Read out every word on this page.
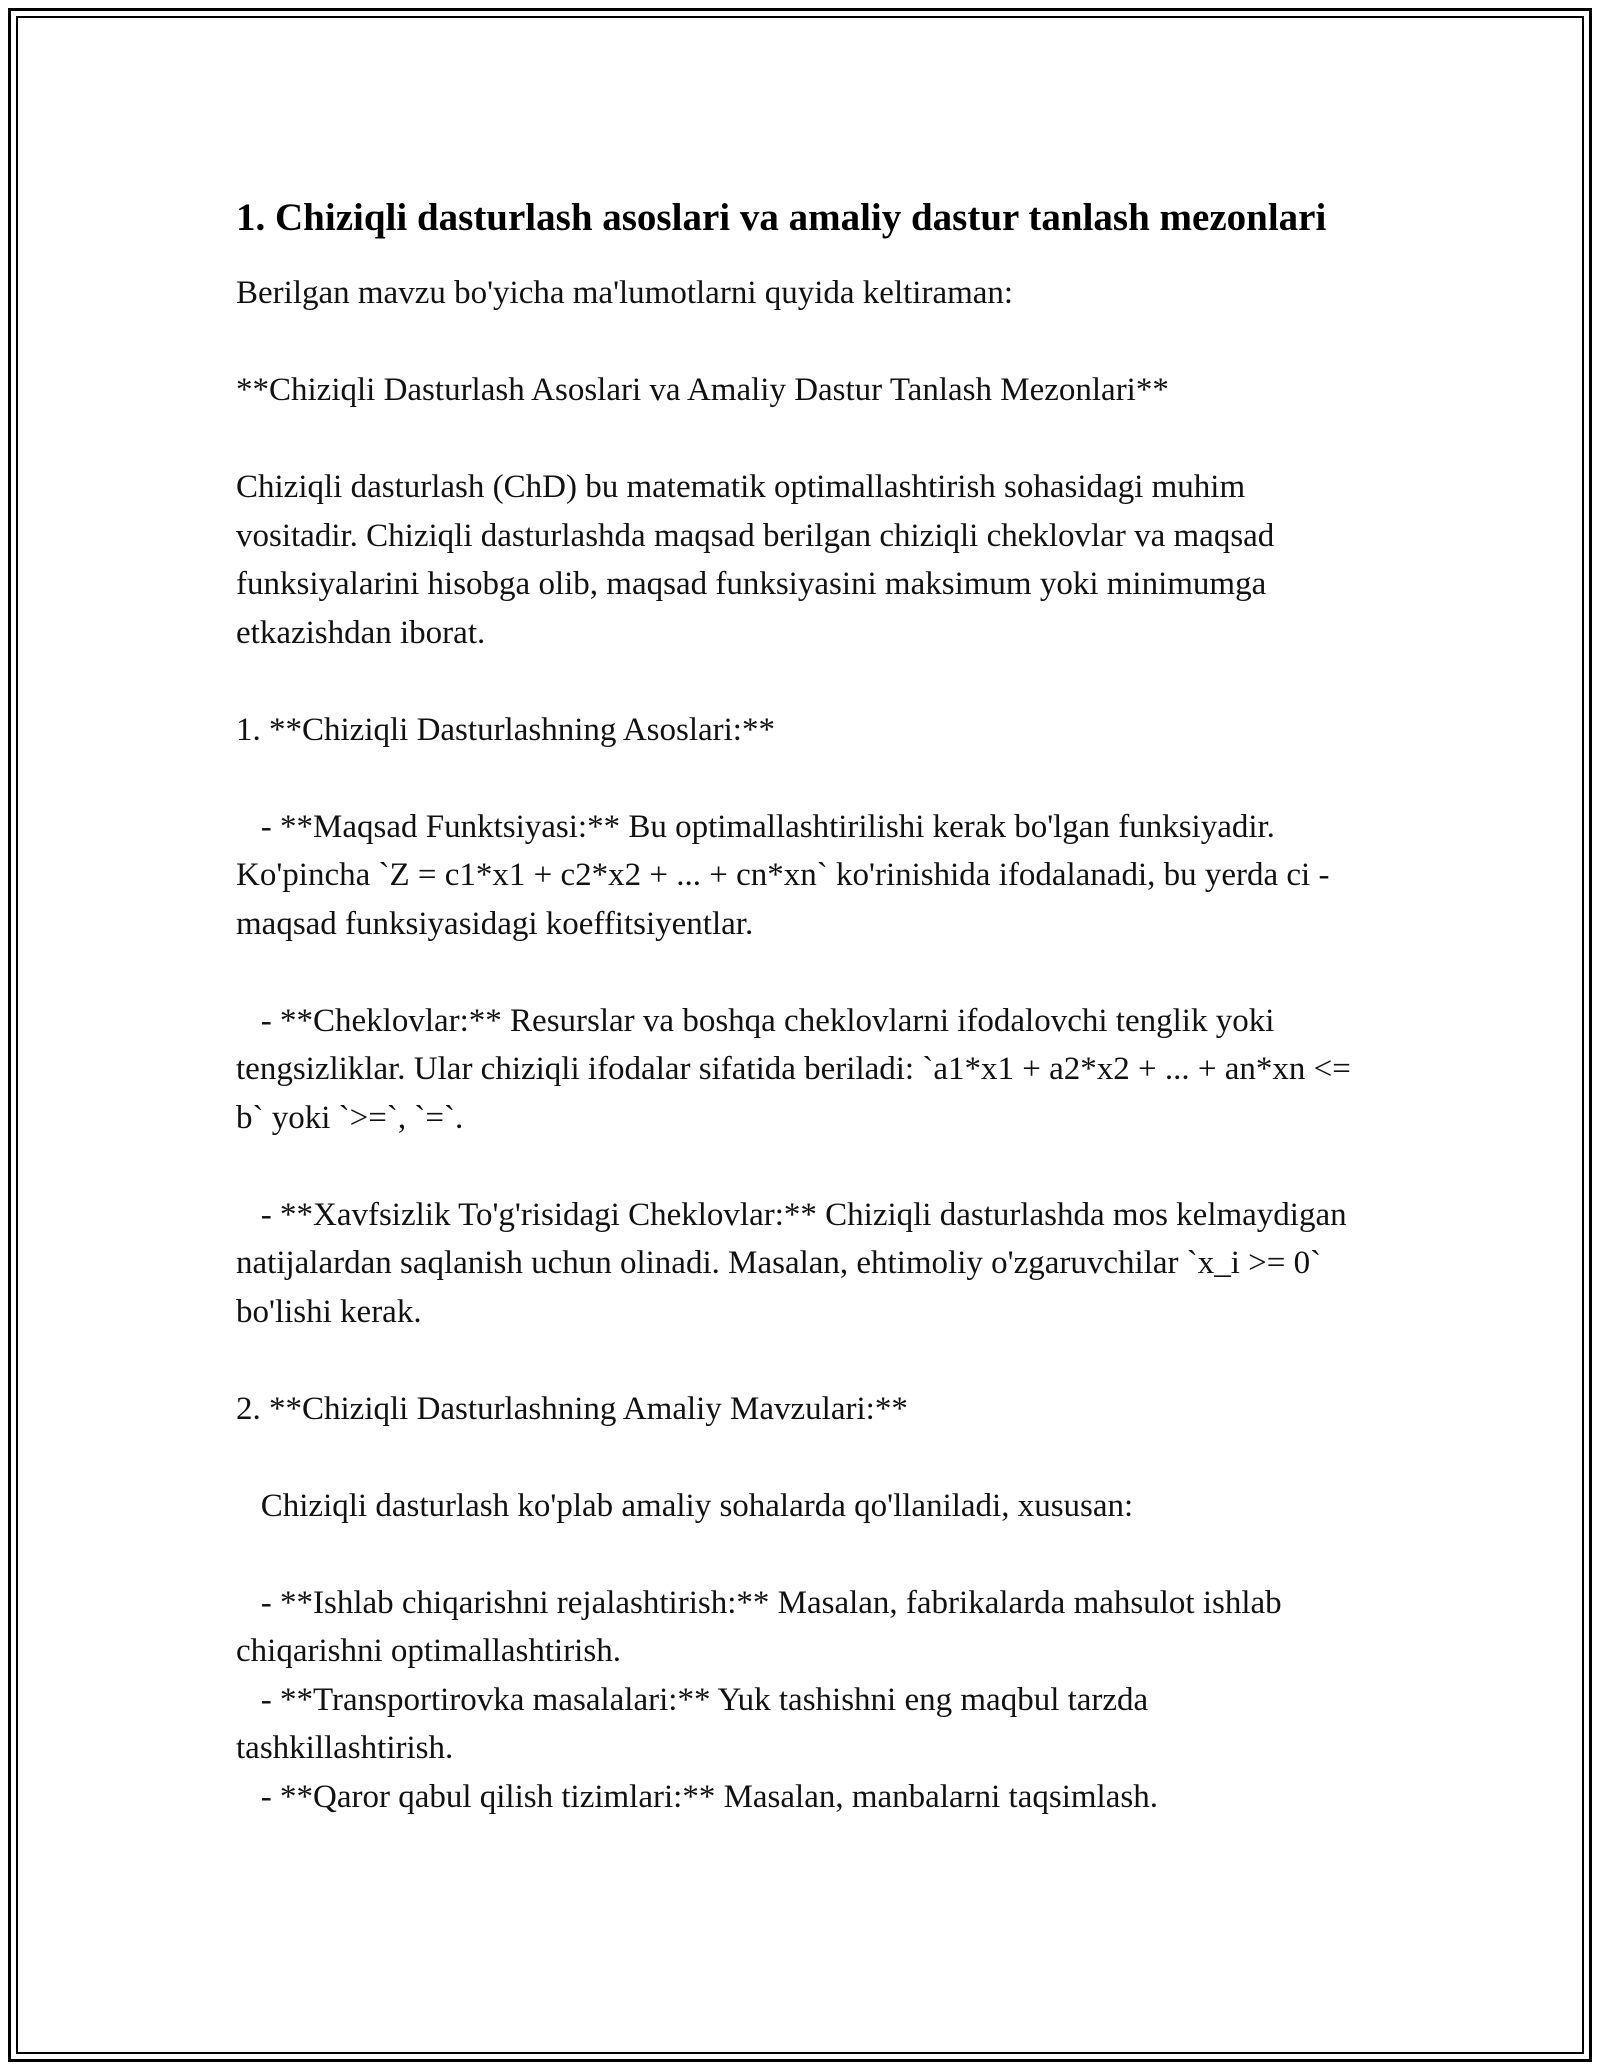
1. Chiziqli dasturlash asoslari va amaliy dastur tanlash mezonlari

Berilgan mavzu bo'yicha ma'lumotlarni quyida keltiraman:

**Chiziqli Dasturlash Asoslari va Amaliy Dastur Tanlash Mezonlari**

Chiziqli dasturlash (ChD) bu matematik optimallashtirish sohasidagi muhim vositadir. Chiziqli dasturlashda maqsad berilgan chiziqli cheklovlar va maqsad funksiyalarini hisobga olib, maqsad funksiyasini maksimum yoki minimumga etkazishdan iborat.

1. **Chiziqli Dasturlashning Asoslari:**

- **Maqsad Funktsiyasi:** Bu optimallashtirilishi kerak bo'lgan funksiyadir. Ko'pincha `Z = c1*x1 + c2*x2 + ... + cn*xn` ko'rinishida ifodalanadi, bu yerda ci - maqsad funksiyasidagi koeffitsiyentlar.

- **Cheklovlar:** Resurslar va boshqa cheklovlarni ifodalovchi tenglik yoki tengsizliklar. Ular chiziqli ifodalar sifatida beriladi: `a1*x1 + a2*x2 + ... + an*xn <= b` yoki `>=`, `=`.

- **Xavfsizlik To'g'risidagi Cheklovlar:** Chiziqli dasturlashda mos kelmaydigan natijalardan saqlanish uchun olinadi. Masalan, ehtimoliy o'zgaruvchilar `x_i >= 0` bo'lishi kerak.

2. **Chiziqli Dasturlashning Amaliy Mavzulari:**

Chiziqli dasturlash ko'plab amaliy sohalarda qo'llaniladi, xususan:

- **Ishlab chiqarishni rejalashtirish:** Masalan, fabrikalarda mahsulot ishlab chiqarishni optimallashtirish.

- **Transportirovka masalalari:** Yuk tashishni eng maqbul tarzda tashkillashtirish.

- **Qaror qabul qilish tizimlari:** Masalan, manbalarni taqsimlash.
